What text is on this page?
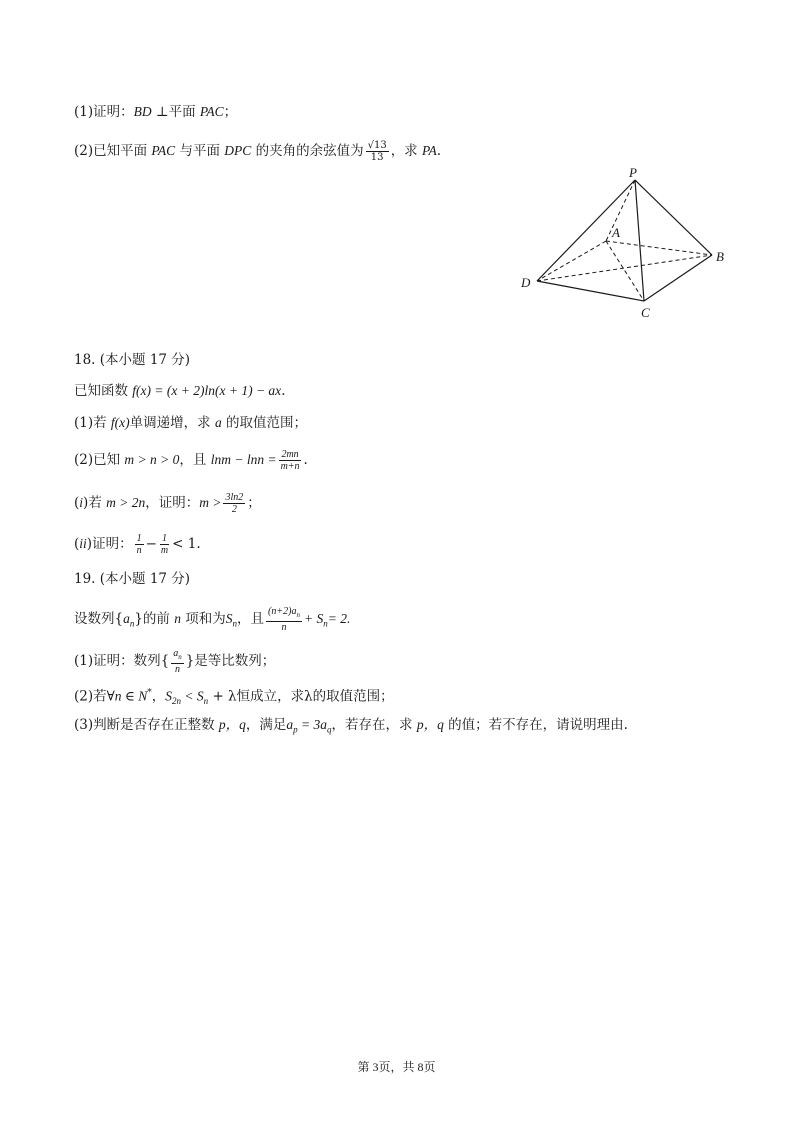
(1)证明：BD ⊥平面 PAC；
(2)已知平面 PAC 与平面 DPC 的夹角的余弦值为 $\frac{√13}{13}$ ，求 PA.
P
A
B
C
D
18. (本小题 17 分)
已知函数 f(x) = (x + 2)ln(x + 1) − ax.
(1)若 f(x)单调递增，求 a 的取值范围；
(2)已知 m > n > 0，且 $\ln m - \ln n = \frac{2mn}{m+n}$ .
(i)若 m > 2n，证明：$m > \frac{3\ln 2}{2}$ ；
(ii)证明： $\frac{1}{n} - \frac{1}{m} < 1$.
19. (本小题 17 分)
设数列$\{a_n\}$的前 n 项和为$S_n$，且 $\frac{(n+2)a_n}{n} + S_n= 2$.
(1)证明：数列{ $\frac{a_n}{n}$ }是等比数列；
(2)若∀n ∈ N*，$S_{2n} < S_n + \lambda$恒成立，求λ的取值范围；
(3)判断是否存在正整数 p，q，满足$a_p = 3a_q$，若存在，求 p，q 的值；若不存在，请说明理由.
第 3页，共 8页
